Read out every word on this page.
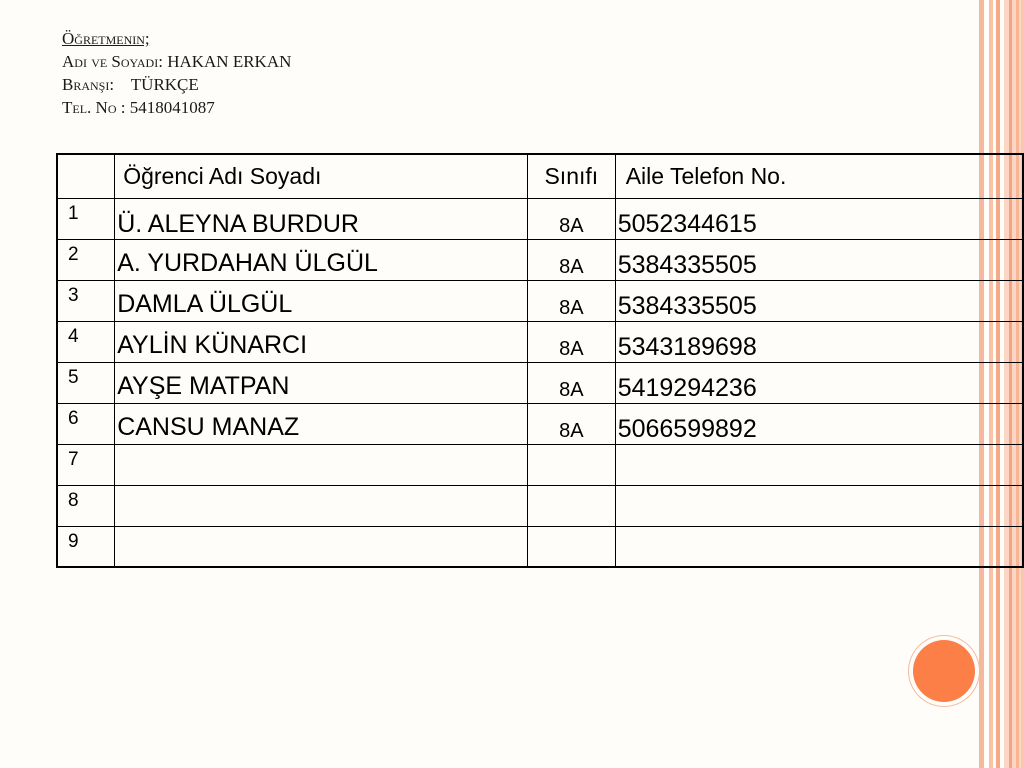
Öğretmenin;
Adı ve Soyadı: HAKAN ERKAN
Branşı: TÜRKÇE
Tel. No : 5418041087
	Öğrenci Adı Soyadı	Sınıfı	Aile Telefon No.
1	Ü. ALEYNA BURDUR	8A	5052344615
2	A. YURDAHAN ÜLGÜL	8A	5384335505
3	DAMLA ÜLGÜL	8A	5384335505
4	AYLİN KÜNARCI	8A	5343189698
5	AYŞE MATPAN	8A	5419294236
6	CANSU MANAZ	8A	5066599892
7			
8			
9			
